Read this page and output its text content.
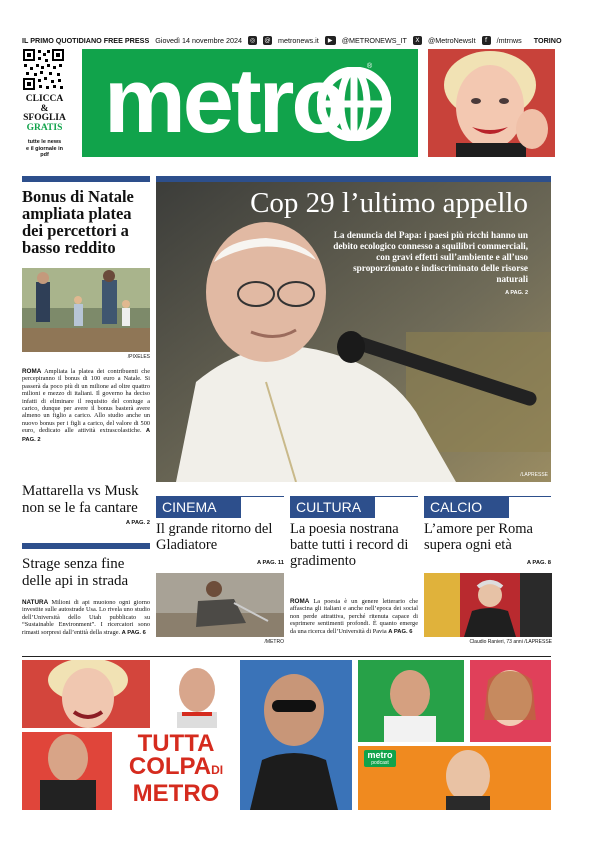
IL PRIMO QUOTIDIANO FREE PRESS Giovedì 14 novembre 2024	◎	@ metronews.it	▶	@METRONEWS_IT	X	@MetroNewsIt	f	/mtrnws TORINO
CLICCA
&
SFOGLIA
GRATIS
tutte le news
e il giornale in pdf
metro	®
Bonus di Natale ampliata platea dei percettori a basso reddito
/PIXELES
ROMA Ampliata la platea dei contribuenti che percepiranno il bonus di 100 euro a Natale. Si passerà da poco più di un milione ad oltre quattro milioni e mezzo di italiani. Il governo ha deciso infatti di eliminare il requisito del coniuge a carico, dunque per avere il bonus basterà avere almeno un figlio a carico. Allo studio anche un nuovo bonus per i figli a carico, del valore di 500 euro, dedicato alle attività extrascolastiche. A PAG. 2
Cop 29 l’ultimo appello
La denuncia del Papa: i paesi più ricchi hanno un debito ecologico connesso a squilibri commerciali, con gravi effetti sull’ambiente e all’uso sproporzionato e indiscriminato delle risorse naturali
A PAG. 2
/LAPRESSE
Mattarella vs Musk non se le fa cantare
A PAG. 2
Strage senza fine delle api in strada
NATURA Milioni di api muoiono ogni giorno investite sulle autostrade Usa. Lo rivela uno studio dell’Università dello Utah pubblicato su “Sustainable Environment”. I ricercatori sono rimasti sorpresi dall’entità della strage. A PAG. 6
CINEMA
Il grande ritorno del Gladiatore
A PAG. 11
/METRO
CULTURA
La poesia nostrana batte tutti i record di gradimento
ROMA La poesia è un genere letterario che affascina gli italiani e anche nell’epoca dei social non perde attrattiva, perché ritenuta capace di esprimere sentimenti profondi. È quanto emerge da una ricerca dell’Università di Pavia A PAG. 6
CALCIO
L’amore per Roma supera ogni età
A PAG. 8
Claudio Ranieri, 73 anni /LAPRESSE
TUTTA
COLPADI
METRO
metro
podcast
